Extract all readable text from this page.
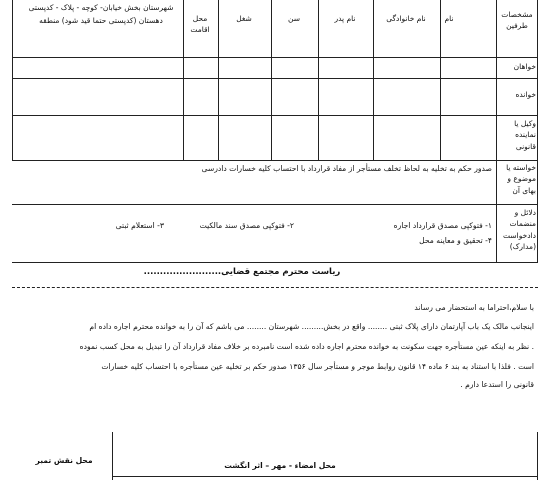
مشخصات طرفین
نام
نام خانوادگی
نام پدر
سن
شغل
محل اقامت
شهرستان بخش خیابان- کوچه - پلاک - کدپستی دهستان (کدپستی حتما قید شود) منطقه
خواهان
خوانده
وکیل یا نماینده قانونی
خواسته یا موضوع و بهای آن
دلائل و منضمات دادخواست (مدارک)
صدور حکم به تخلیه به لحاظ تخلف مستأجر از مفاد قرارداد با احتساب کلیه خسارات دادرسی
۱- فتوکپی مصدق قرارداد اجاره
۲- فتوکپی مصدق سند مالکیت
۳- استعلام ثبتی
۴- تحقیق و معاینه محل
ریاست محترم مجتمع قضایی........................
با سلام،احتراما به استحضار می رساند
اینجانب مالک یک باب آپارتمان دارای پلاک ثبتی ........ واقع در بخش......... شهرستان ........ می باشم که آن را به خوانده محترم اجاره داده ام
. نظر به اینکه عین مستأجره جهت سکونت به خوانده محترم اجاره داده شده است نامبرده بر خلاف مفاد قرارداد آن را تبدیل به محل کسب نموده
است . فلذا با استناد به بند ۶ ماده ۱۴ قانون روابط موجر و مستأجر سال ۱۳۵۶ صدور حکم بر تخلیه عین مستأجره با احتساب کلیه خسارات
قانونی را استدعا دارم .
محل نقش تمبر
محل امضاء - مهر – اثر انگشت
